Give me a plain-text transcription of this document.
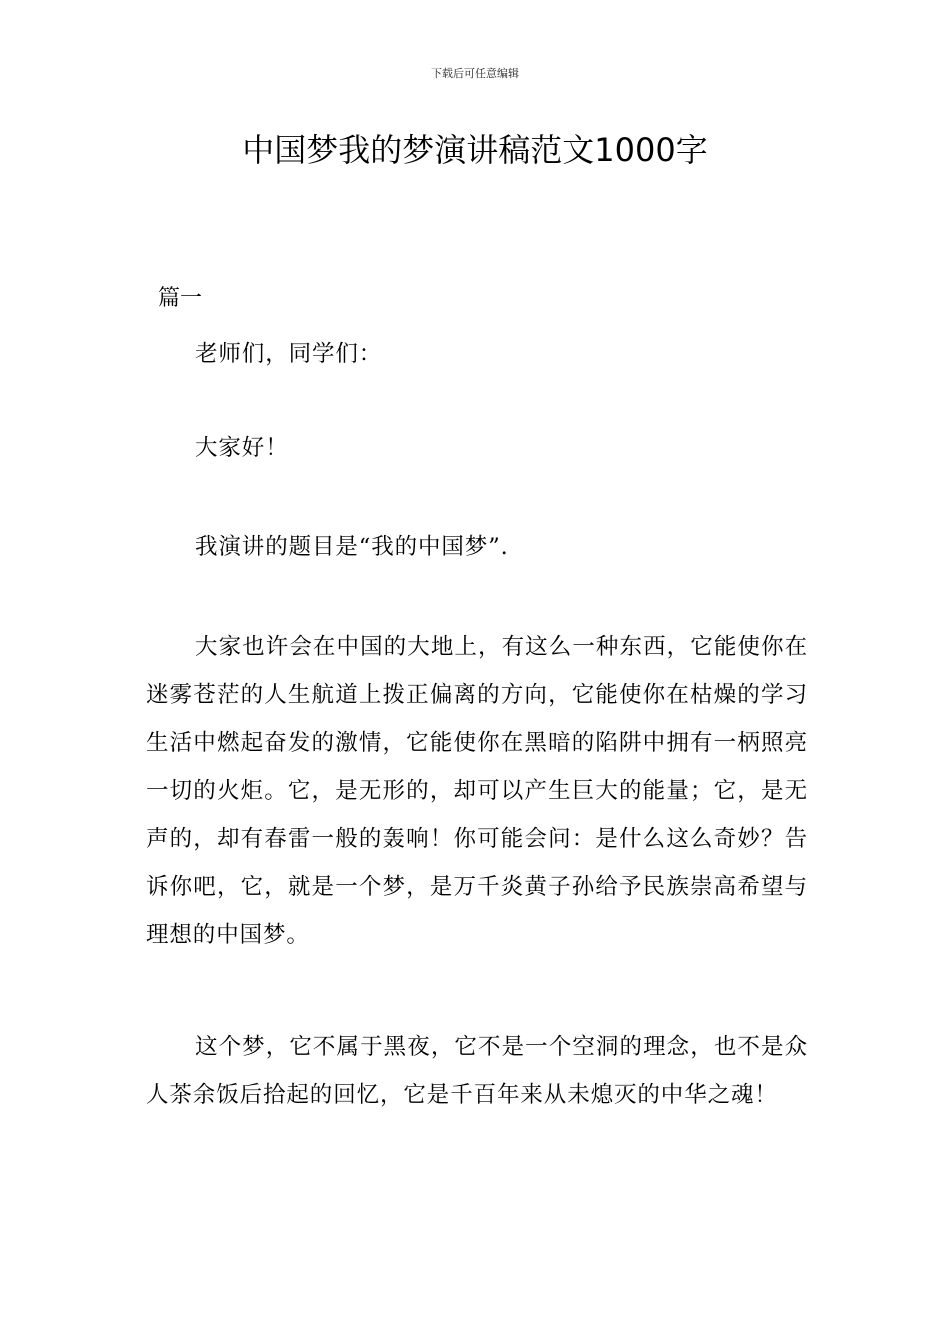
下载后可任意编辑
中国梦我的梦演讲稿范文1000字
篇一

老师们，同学们：

大家好！

我演讲的题目是“我的中国梦”.

大家也许会在中国的大地上，有这么一种东西，它能使你在迷雾苍茫的人生航道上拨正偏离的方向，它能使你在枯燥的学习生活中燃起奋发的激情，它能使你在黑暗的陷阱中拥有一柄照亮一切的火炬。它，是无形的，却可以产生巨大的能量；它，是无声的，却有春雷一般的轰响！你可能会问：是什么这么奇妙？告诉你吧，它，就是一个梦，是万千炎黄子孙给予民族崇高希望与理想的中国梦。

这个梦，它不属于黑夜，它不是一个空洞的理念，也不是众人茶余饭后拾起的回忆，它是千百年来从未熄灭的中华之魂！
